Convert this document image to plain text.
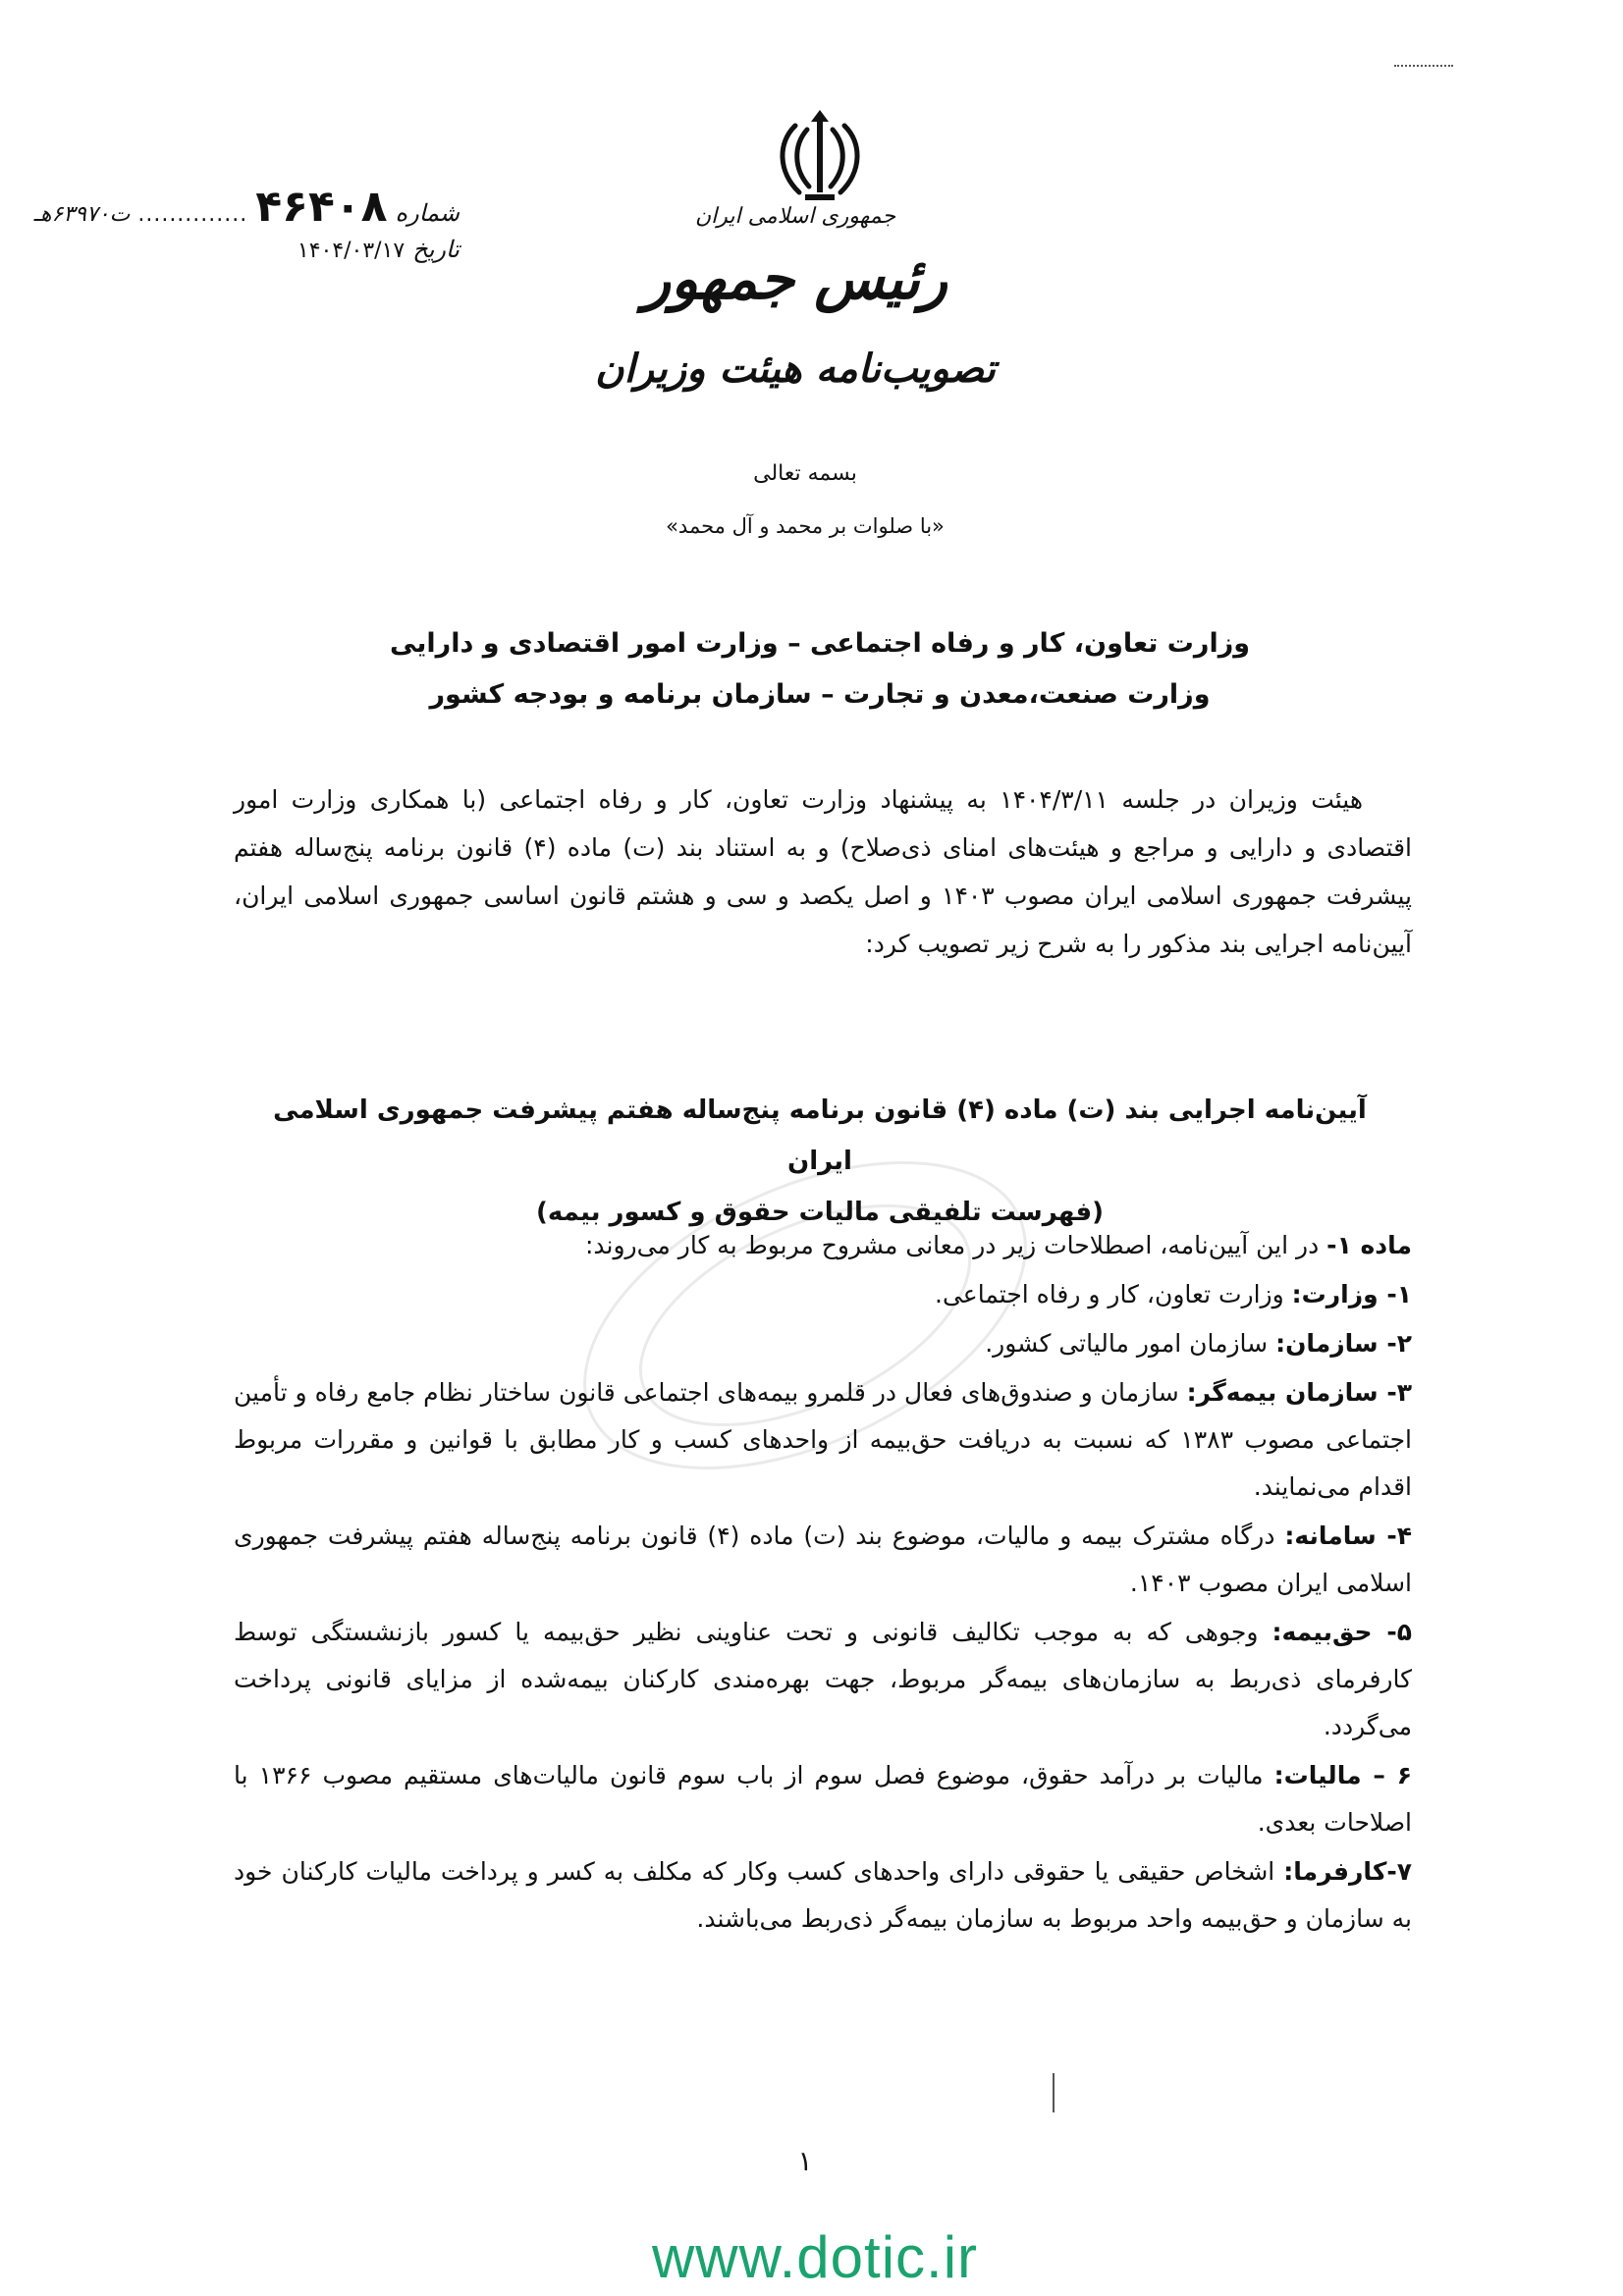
شماره
۴۶۴۰۸
..............
ت۶۳۹۷۰هـ
تاریخ
۱۴۰۴/۰۳/۱۷
جمهوری اسلامی ایران
رئیس جمهور
تصویب‌نامه هیئت وزیران
بسمه تعالی
«با صلوات بر محمد و آل محمد»
وزارت تعاون، کار و رفاه اجتماعی – وزارت امور اقتصادی و دارایی
وزارت صنعت،معدن و تجارت – سازمان برنامه و بودجه کشور
هیئت وزیران در جلسه ۱۴۰۴/۳/۱۱ به پیشنهاد وزارت تعاون، کار و رفاه اجتماعی (با همکاری وزارت امور اقتصادی و دارایی و مراجع و هیئت‌های امنای ذی‌صلاح) و به استناد بند (ت) ماده (۴) قانون برنامه پنج‌ساله هفتم پیشرفت جمهوری اسلامی ایران مصوب ۱۴۰۳ و اصل یکصد و سی و هشتم قانون اساسی جمهوری اسلامی ایران، آیین‌نامه اجرایی بند مذکور را به شرح زیر تصویب کرد:
آیین‌نامه اجرایی بند (ت) ماده (۴) قانون برنامه پنج‌ساله هفتم پیشرفت جمهوری اسلامی ایران
(فهرست تلفیقی مالیات حقوق و کسور بیمه)

ماده ۱- در این آیین‌نامه، اصطلاحات زیر در معانی مشروح مربوط به کار می‌روند:

۱- وزارت: وزارت تعاون، کار و رفاه اجتماعی.

۲- سازمان: سازمان امور مالیاتی کشور.

۳- سازمان بیمه‌گر: سازمان و صندوق‌های فعال در قلمرو بیمه‌های اجتماعی قانون ساختار نظام جامع رفاه و تأمین اجتماعی مصوب ۱۳۸۳ که نسبت به دریافت حق‌بیمه از واحدهای کسب و کار مطابق با قوانین و مقررات مربوط اقدام می‌نمایند.

۴- سامانه: درگاه مشترک بیمه و مالیات، موضوع بند (ت) ماده (۴) قانون برنامه پنج‌ساله هفتم پیشرفت جمهوری اسلامی ایران مصوب ۱۴۰۳.

۵- حق‌بیمه: وجوهی که به موجب تکالیف قانونی و تحت عناوینی نظیر حق‌بیمه یا کسور بازنشستگی توسط کارفرمای ذی‌ربط به سازمان‌های بیمه‌گر مربوط، جهت بهره‌مندی کارکنان بیمه‌شده از مزایای قانونی پرداخت می‌گردد.

۶ – مالیات: مالیات بر درآمد حقوق، موضوع فصل سوم از باب سوم قانون مالیات‌های مستقیم مصوب ۱۳۶۶ با اصلاحات بعدی.

۷-کارفرما: اشخاص حقیقی یا حقوقی دارای واحدهای کسب وکار که مکلف به کسر و پرداخت مالیات کارکنان خود به سازمان و حق‌بیمه واحد مربوط به سازمان بیمه‌گر ذی‌ربط می‌باشند.

۱
www.dotic.ir
